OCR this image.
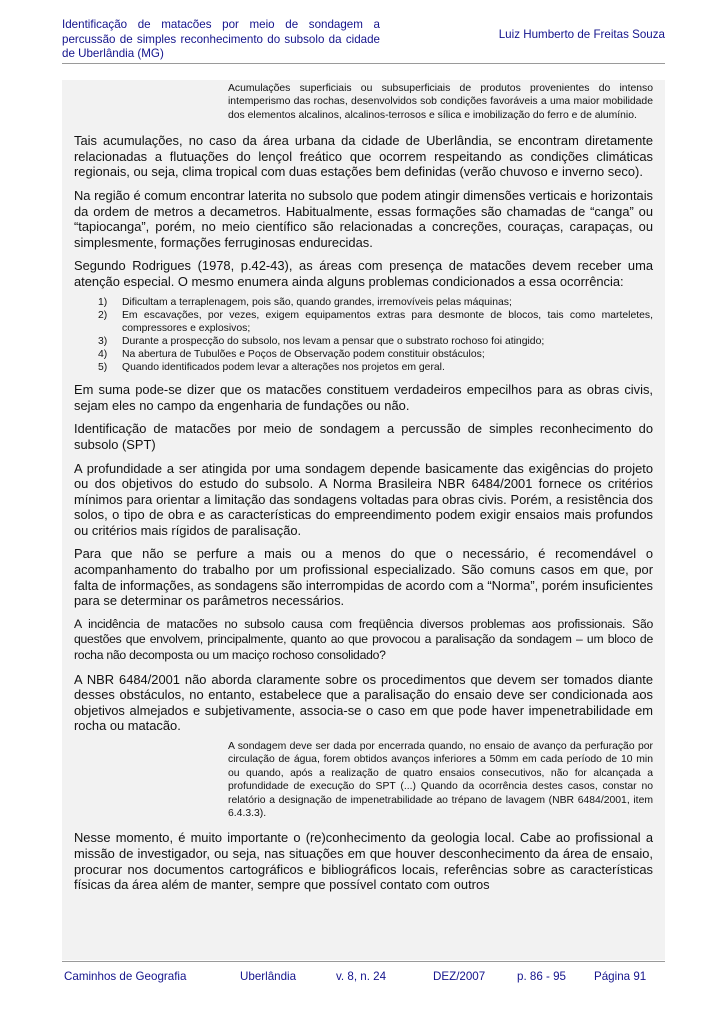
Identificação de matacões por meio de sondagem a percussão de simples reconhecimento do subsolo da cidade de Uberlândia (MG)
Luiz Humberto de Freitas Souza
Acumulações superficiais ou subsuperficiais de produtos provenientes do intenso intemperismo das rochas, desenvolvidos sob condições favoráveis a uma maior mobilidade dos elementos alcalinos, alcalinos-terrosos e sílica e imobilização do ferro e de alumínio.

Tais acumulações, no caso da área urbana da cidade de Uberlândia, se encontram diretamente relacionadas a flutuações do lençol freático que ocorrem respeitando as condições climáticas regionais, ou seja, clima tropical com duas estações bem definidas (verão chuvoso e inverno seco).

Na região é comum encontrar laterita no subsolo que podem atingir dimensões verticais e horizontais da ordem de metros a decametros. Habitualmente, essas formações são chamadas de “canga” ou “tapiocanga”, porém, no meio científico são relacionadas a concreções, couraças, carapaças, ou simplesmente, formações ferruginosas endurecidas.

Segundo Rodrigues (1978, p.42-43), as áreas com presença de matacões devem receber uma atenção especial. O mesmo enumera ainda alguns problemas condicionados a essa ocorrência:

1) Dificultam a terraplenagem, pois são, quando grandes, irremovíveis pelas máquinas;
2) Em escavações, por vezes, exigem equipamentos extras para desmonte de blocos, tais como marteletes, compressores e explosivos;
3) Durante a prospecção do subsolo, nos levam a pensar que o substrato rochoso foi atingido;
4) Na abertura de Tubulões e Poços de Observação podem constituir obstáculos;
5) Quando identificados podem levar a alterações nos projetos em geral.

Em suma pode-se dizer que os matacões constituem verdadeiros empecilhos para as obras civis, sejam eles no campo da engenharia de fundações ou não.

Identificação de matacões por meio de sondagem a percussão de simples reconhecimento do subsolo (SPT)

A profundidade a ser atingida por uma sondagem depende basicamente das exigências do projeto ou dos objetivos do estudo do subsolo. A Norma Brasileira NBR 6484/2001 fornece os critérios mínimos para orientar a limitação das sondagens voltadas para obras civis. Porém, a resistência dos solos, o tipo de obra e as características do empreendimento podem exigir ensaios mais profundos ou critérios mais rígidos de paralisação.

Para que não se perfure a mais ou a menos do que o necessário, é recomendável o acompanhamento do trabalho por um profissional especializado. São comuns casos em que, por falta de informações, as sondagens são interrompidas de acordo com a “Norma”, porém insuficientes para se determinar os parâmetros necessários.

A incidência de matacões no subsolo causa com freqüência diversos problemas aos profissionais. São questões que envolvem, principalmente, quanto ao que provocou a paralisação da sondagem – um bloco de rocha não decomposta ou um maciço rochoso consolidado?

A NBR 6484/2001 não aborda claramente sobre os procedimentos que devem ser tomados diante desses obstáculos, no entanto, estabelece que a paralisação do ensaio deve ser condicionada aos objetivos almejados e subjetivamente, associa-se o caso em que pode haver impenetrabilidade em rocha ou matacão.

A sondagem deve ser dada por encerrada quando, no ensaio de avanço da perfuração por circulação de água, forem obtidos avanços inferiores a 50mm em cada período de 10 min ou quando, após a realização de quatro ensaios consecutivos, não for alcançada a profundidade de execução do SPT (...) Quando da ocorrência destes casos, constar no relatório a designação de impenetrabilidade ao trépano de lavagem (NBR 6484/2001, item 6.4.3.3).

Nesse momento, é muito importante o (re)conhecimento da geologia local. Cabe ao profissional a missão de investigador, ou seja, nas situações em que houver desconhecimento da área de ensaio, procurar nos documentos cartográficos e bibliográficos locais, referências sobre as características físicas da área além de manter, sempre que possível contato com outros

Caminhos de Geografia	Uberlândia	v. 8, n. 24	DEZ/2007	p. 86 - 95 Página 91
